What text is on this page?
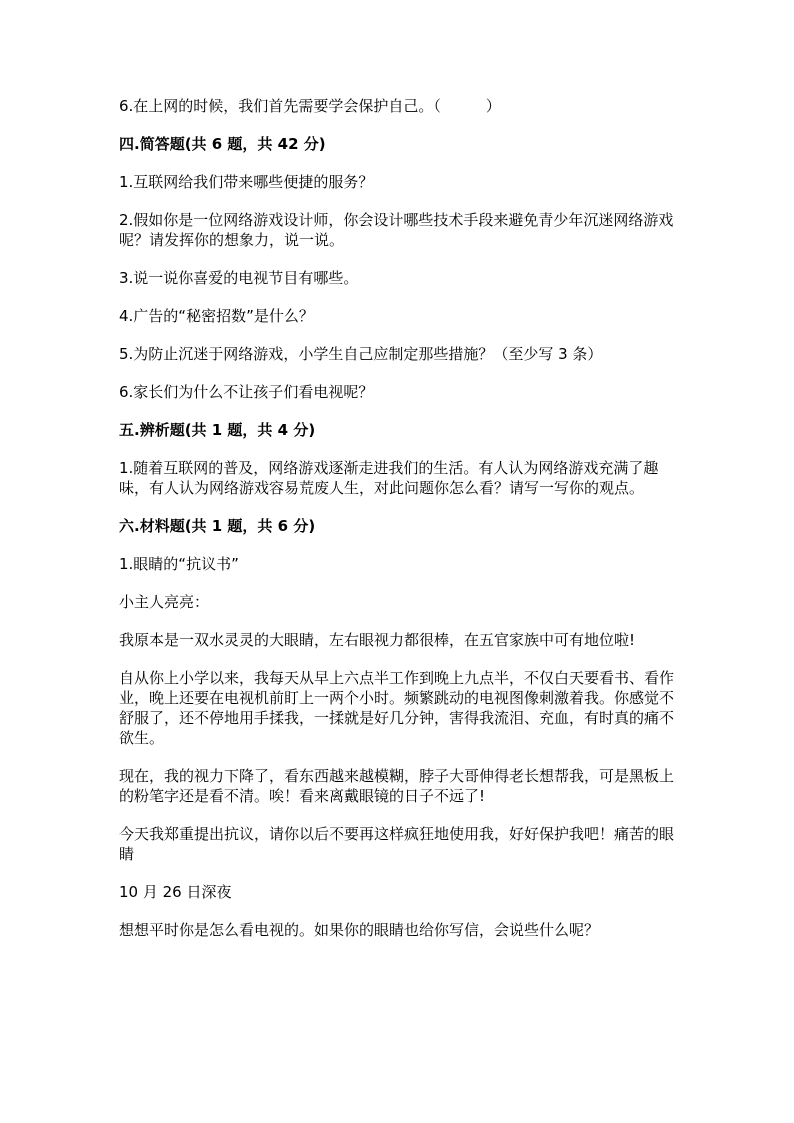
6.在上网的时候，我们首先需要学会保护自己。（　　　）

四.简答题(共 6 题，共 42 分)

1.互联网给我们带来哪些便捷的服务？

2.假如你是一位网络游戏设计师，你会设计哪些技术手段来避免青少年沉迷网络游戏呢？请发挥你的想象力，说一说。

3.说一说你喜爱的电视节目有哪些。

4.广告的“秘密招数”是什么？

5.为防止沉迷于网络游戏，小学生自己应制定那些措施？（至少写 3 条）

6.家长们为什么不让孩子们看电视呢？

五.辨析题(共 1 题，共 4 分)

1.随着互联网的普及，网络游戏逐渐走进我们的生活。有人认为网络游戏充满了趣味，有人认为网络游戏容易荒废人生，对此问题你怎么看？请写一写你的观点。

六.材料题(共 1 题，共 6 分)

1.眼睛的“抗议书”

小主人亮亮：

我原本是一双水灵灵的大眼睛，左右眼视力都很棒，在五官家族中可有地位啦!

自从你上小学以来，我每天从早上六点半工作到晚上九点半，不仅白天要看书、看作业，晚上还要在电视机前盯上一两个小时。频繁跳动的电视图像刺激着我。你感觉不舒服了，还不停地用手揉我，一揉就是好几分钟，害得我流泪、充血，有时真的痛不欲生。

现在，我的视力下降了，看东西越来越模糊，脖子大哥伸得老长想帮我，可是黑板上的粉笔字还是看不清。唉！看来离戴眼镜的日子不远了!

今天我郑重提出抗议，请你以后不要再这样疯狂地使用我，好好保护我吧！痛苦的眼睛

10 月 26 日深夜

想想平时你是怎么看电视的。如果你的眼睛也给你写信，会说些什么呢？
